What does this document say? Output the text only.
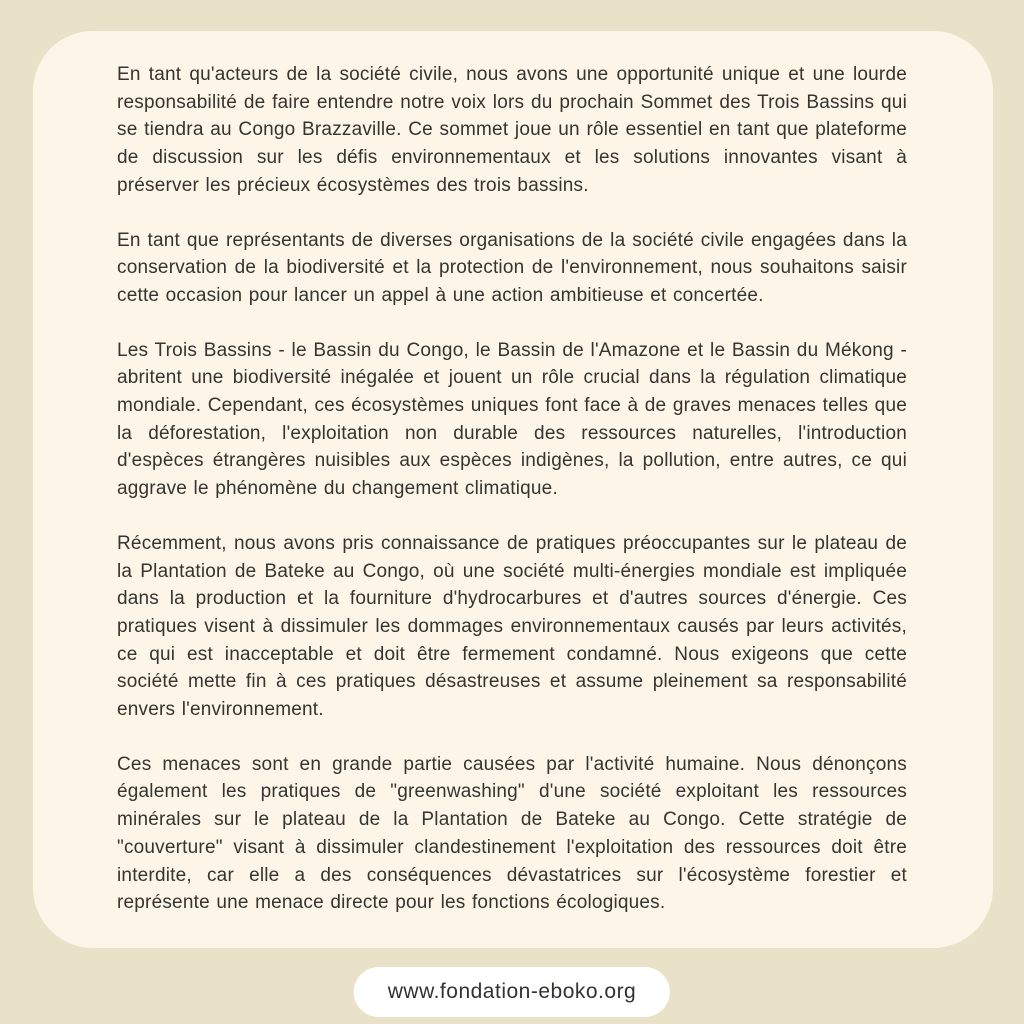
En tant qu'acteurs de la société civile, nous avons une opportunité unique et une lourde responsabilité de faire entendre notre voix lors du prochain Sommet des Trois Bassins qui se tiendra au Congo Brazzaville. Ce sommet joue un rôle essentiel en tant que plateforme de discussion sur les défis environnementaux et les solutions innovantes visant à préserver les précieux écosystèmes des trois bassins.

En tant que représentants de diverses organisations de la société civile engagées dans la conservation de la biodiversité et la protection de l'environnement, nous souhaitons saisir cette occasion pour lancer un appel à une action ambitieuse et concertée.

Les Trois Bassins - le Bassin du Congo, le Bassin de l'Amazone et le Bassin du Mékong - abritent une biodiversité inégalée et jouent un rôle crucial dans la régulation climatique mondiale. Cependant, ces écosystèmes uniques font face à de graves menaces telles que la déforestation, l'exploitation non durable des ressources naturelles, l'introduction d'espèces étrangères nuisibles aux espèces indigènes, la pollution, entre autres, ce qui aggrave le phénomène du changement climatique.

Récemment, nous avons pris connaissance de pratiques préoccupantes sur le plateau de la Plantation de Bateke au Congo, où une société multi-énergies mondiale est impliquée dans la production et la fourniture d'hydrocarbures et d'autres sources d'énergie. Ces pratiques visent à dissimuler les dommages environnementaux causés par leurs activités, ce qui est inacceptable et doit être fermement condamné. Nous exigeons que cette société mette fin à ces pratiques désastreuses et assume pleinement sa responsabilité envers l'environnement.

Ces menaces sont en grande partie causées par l'activité humaine. Nous dénonçons également les pratiques de "greenwashing" d'une société exploitant les ressources minérales sur le plateau de la Plantation de Bateke au Congo. Cette stratégie de "couverture" visant à dissimuler clandestinement l'exploitation des ressources doit être interdite, car elle a des conséquences dévastatrices sur l'écosystème forestier et représente une menace directe pour les fonctions écologiques.

www.fondation-eboko.org
